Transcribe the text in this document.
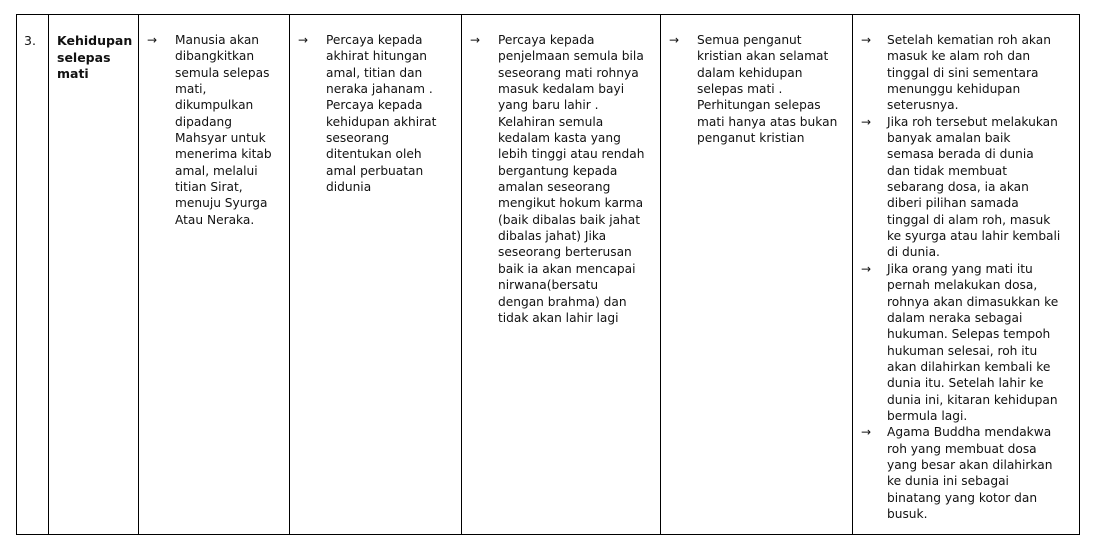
3.	Kehidupan
selepas
mati	
→	Manusia akan
dibangkitkan
semula selepas
mati,
dikumpulkan
dipadang
Mahsyar untuk
menerima kitab
amal, melalui
titian Sirat,
menuju Syurga
Atau Neraka.

→	Percaya kepada
akhirat hitungan
amal, titian dan
neraka jahanam .
Percaya kepada
kehidupan akhirat
seseorang
ditentukan oleh
amal perbuatan
didunia

→	Percaya kepada
penjelmaan semula bila
seseorang mati rohnya
masuk kedalam bayi
yang baru lahir .
Kelahiran semula
kedalam kasta yang
lebih tinggi atau rendah
bergantung kepada
amalan seseorang
mengikut hokum karma
(baik dibalas baik jahat
dibalas jahat) Jika
seseorang berterusan
baik ia akan mencapai
nirwana(bersatu
dengan brahma) dan
tidak akan lahir lagi

→	Semua penganut
kristian akan selamat
dalam kehidupan
selepas mati .
Perhitungan selepas
mati hanya atas bukan
penganut kristian

→	Setelah kematian roh akan
masuk ke alam roh dan
tinggal di sini sementara
menunggu kehidupan
seterusnya.
→	Jika roh tersebut melakukan
banyak amalan baik
semasa berada di dunia
dan tidak membuat
sebarang dosa, ia akan
diberi pilihan samada
tinggal di alam roh, masuk
ke syurga atau lahir kembali
di dunia.
→	Jika orang yang mati itu
pernah melakukan dosa,
rohnya akan dimasukkan ke
dalam neraka sebagai
hukuman. Selepas tempoh
hukuman selesai, roh itu
akan dilahirkan kembali ke
dunia itu. Setelah lahir ke
dunia ini, kitaran kehidupan
bermula lagi.
→	Agama Buddha mendakwa
roh yang membuat dosa
yang besar akan dilahirkan
ke dunia ini sebagai
binatang yang kotor dan
busuk.
